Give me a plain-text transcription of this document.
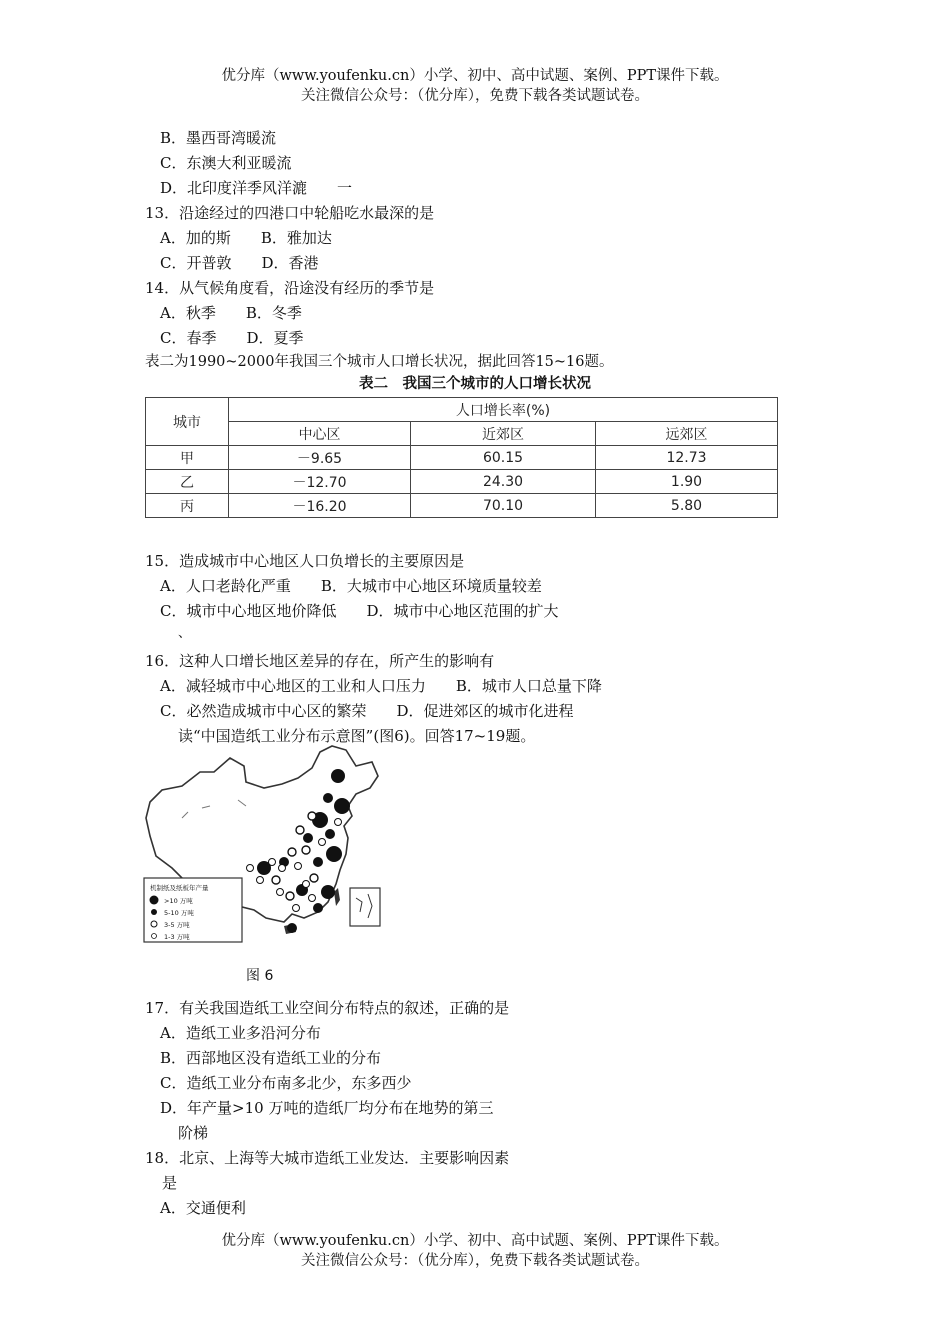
优分库（www.youfenku.cn）小学、初中、高中试题、案例、PPT课件下载。
关注微信公众号：（优分库），免费下载各类试题试卷。
B．墨西哥湾暖流
C．东澳大利亚暖流
D．北印度洋季风洋漉　　一
13．沿途经过的四港口中轮船吃水最深的是
A．加的斯　　B．雅加达
C．开普敦　　D．香港
14．从气候角度看，沿途没有经历的季节是
A．秋季　　B．冬季
C．春季　　D．夏季
表二为1990~2000年我国三个城市人口增长状况，据此回答15~16题。
表二　我国三个城市的人口增长状况
城市	人口增长率(%)		
	中心区	近郊区	远郊区
甲	－9.65	60.15	12.73
乙	－12.70	24.30	1.90
丙	－16.20	70.10	5.80
15．造成城市中心地区人口负增长的主要原因是
A．人口老龄化严重　　B．大城市中心地区环境质量较差
C．城市中心地区地价降低　　D．城市中心地区范围的扩大
、
16．这种人口增长地区差异的存在，所产生的影响有
A．减轻城市中心地区的工业和人口压力　　B．城市人口总量下降
C．必然造成城市中心区的繁荣　　D．促进郊区的城市化进程
读“中国造纸工业分布示意图”(图6)。回答17~19题。
机制纸及纸板年产量
>10 万吨
5-10 万吨
3-5 万吨
1-3 万吨
图 6
17．有关我国造纸工业空间分布特点的叙述，正确的是
A．造纸工业多沿河分布
B．西部地区没有造纸工业的分布
C．造纸工业分布南多北少，东多西少
D．年产量>10 万吨的造纸厂均分布在地势的第三
阶梯
18．北京、上海等大城市造纸工业发达．主要影响因素
是
A．交通便利
优分库（www.youfenku.cn）小学、初中、高中试题、案例、PPT课件下载。
关注微信公众号：（优分库），免费下载各类试题试卷。
